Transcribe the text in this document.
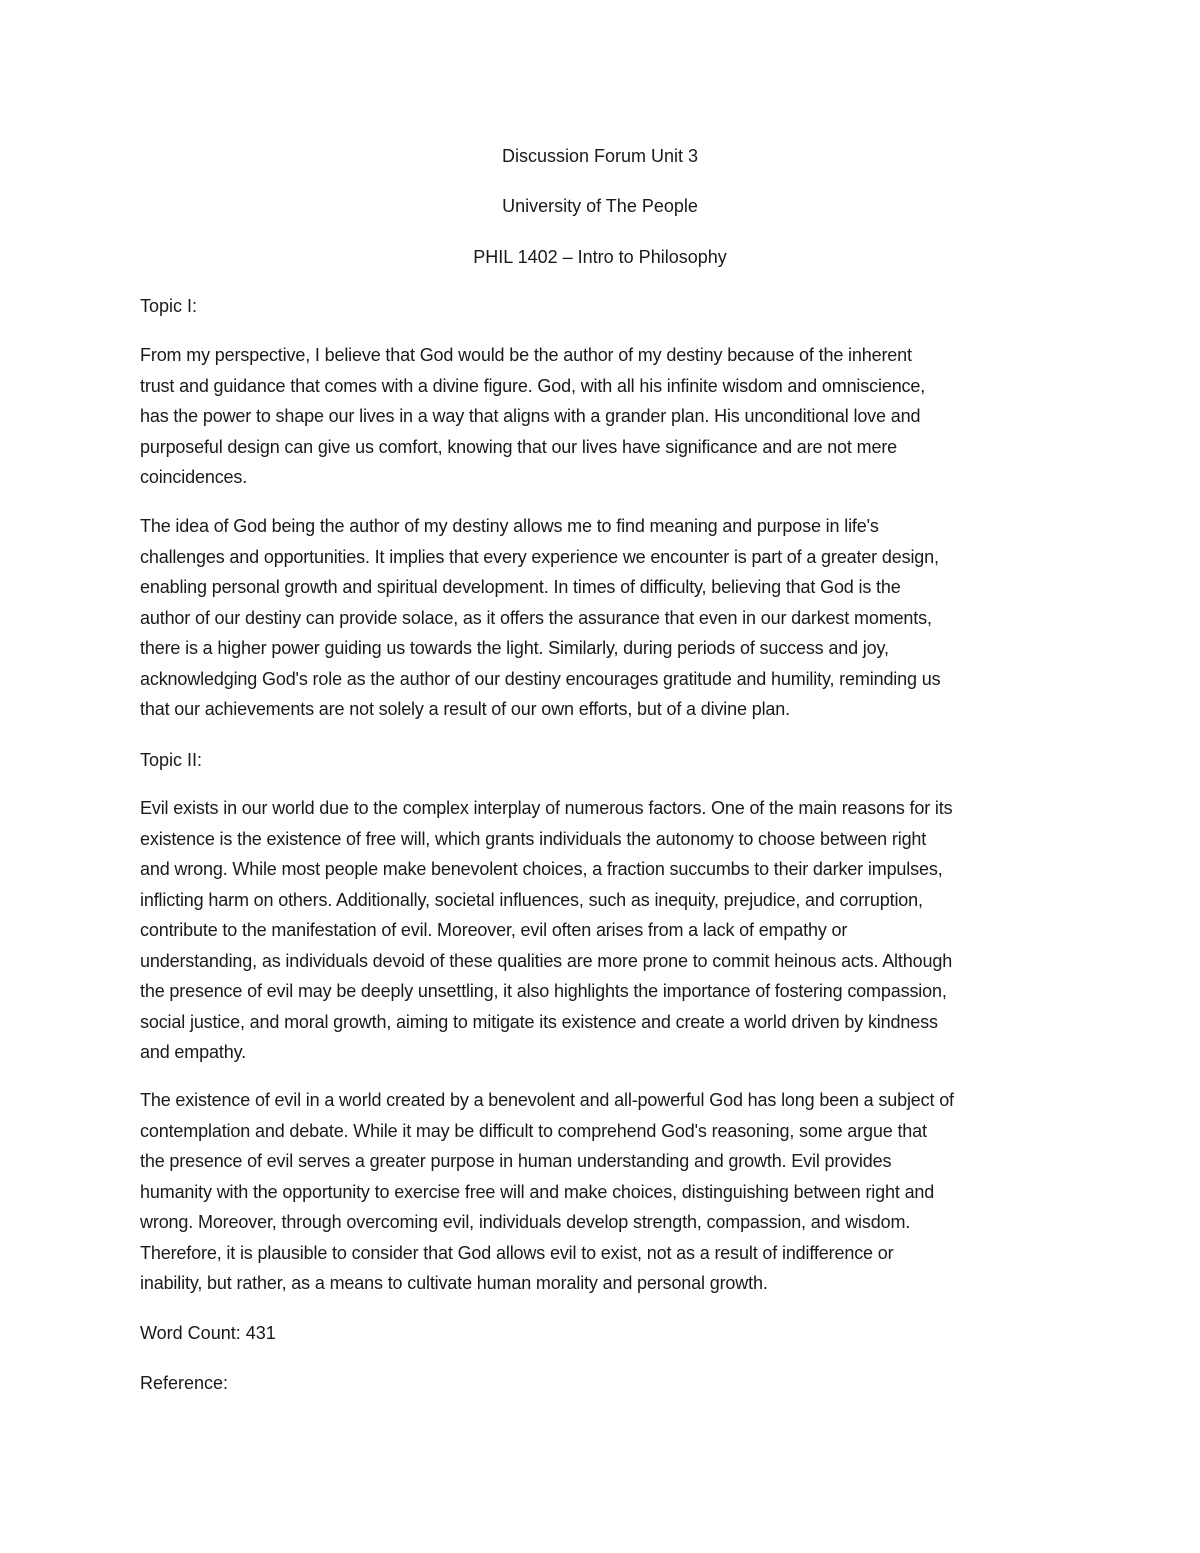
Discussion Forum Unit 3
University of The People
PHIL 1402 – Intro to Philosophy
Topic I:
From my perspective, I believe that God would be the author of my destiny because of the inherent
trust and guidance that comes with a divine figure. God, with all his infinite wisdom and omniscience,
has the power to shape our lives in a way that aligns with a grander plan. His unconditional love and
purposeful design can give us comfort, knowing that our lives have significance and are not mere
coincidences.
The idea of God being the author of my destiny allows me to find meaning and purpose in life's
challenges and opportunities. It implies that every experience we encounter is part of a greater design,
enabling personal growth and spiritual development. In times of difficulty, believing that God is the
author of our destiny can provide solace, as it offers the assurance that even in our darkest moments,
there is a higher power guiding us towards the light. Similarly, during periods of success and joy,
acknowledging God's role as the author of our destiny encourages gratitude and humility, reminding us
that our achievements are not solely a result of our own efforts, but of a divine plan.
Topic II:
Evil exists in our world due to the complex interplay of numerous factors. One of the main reasons for its
existence is the existence of free will, which grants individuals the autonomy to choose between right
and wrong. While most people make benevolent choices, a fraction succumbs to their darker impulses,
inflicting harm on others. Additionally, societal influences, such as inequity, prejudice, and corruption,
contribute to the manifestation of evil. Moreover, evil often arises from a lack of empathy or
understanding, as individuals devoid of these qualities are more prone to commit heinous acts. Although
the presence of evil may be deeply unsettling, it also highlights the importance of fostering compassion,
social justice, and moral growth, aiming to mitigate its existence and create a world driven by kindness
and empathy.
The existence of evil in a world created by a benevolent and all-powerful God has long been a subject of
contemplation and debate. While it may be difficult to comprehend God's reasoning, some argue that
the presence of evil serves a greater purpose in human understanding and growth. Evil provides
humanity with the opportunity to exercise free will and make choices, distinguishing between right and
wrong. Moreover, through overcoming evil, individuals develop strength, compassion, and wisdom.
Therefore, it is plausible to consider that God allows evil to exist, not as a result of indifference or
inability, but rather, as a means to cultivate human morality and personal growth.
Word Count: 431
Reference:
